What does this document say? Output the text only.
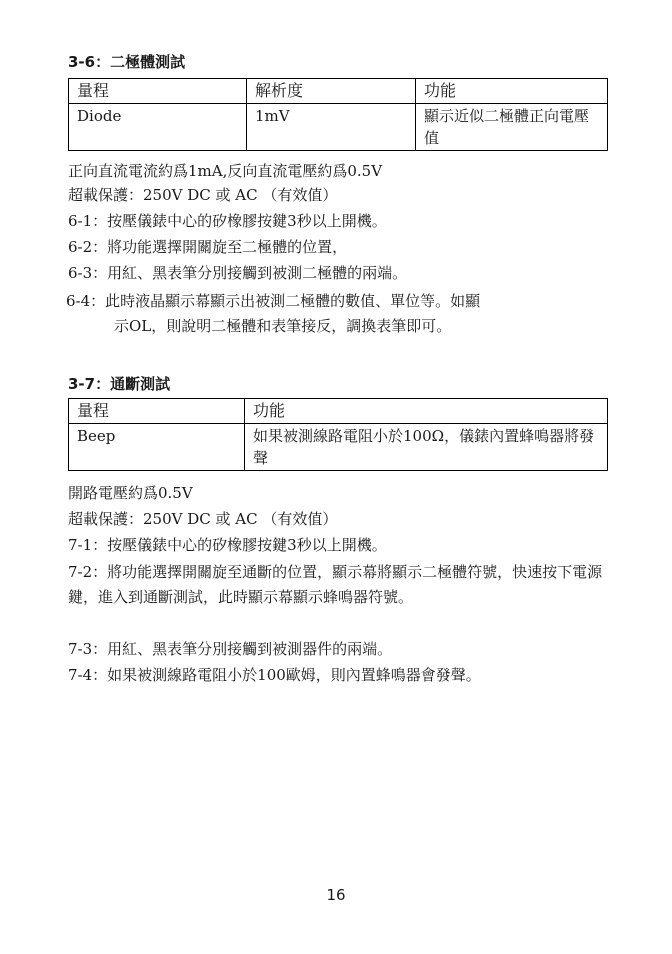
3-6：二極體測試
量程	解析度	功能
Diode	1mV	顯示近似二極體正向電壓值
正向直流電流約爲1mA,反向直流電壓約爲0.5V
超載保護：250V DC 或 AC （有效值）
6-1：按壓儀錶中心的矽橡膠按鍵3秒以上開機。
6-2：將功能選擇開關旋至二極體的位置，
6-3：用紅、黑表筆分別接觸到被測二極體的兩端。
6-4：此時液晶顯示幕顯示出被測二極體的數值、單位等。如顯
示OL，則說明二極體和表筆接反，調換表筆即可。
3-7：通斷測試
量程	功能
Beep	如果被測線路電阻小於100Ω，儀錶內置蜂鳴器將發聲
開路電壓約爲0.5V
超載保護：250V DC 或 AC （有效值）
7-1：按壓儀錶中心的矽橡膠按鍵3秒以上開機。
7-2：將功能選擇開關旋至通斷的位置，顯示幕將顯示二極體符號，快速按下電源鍵，進入到通斷測試，此時顯示幕顯示蜂鳴器符號。
7-3：用紅、黑表筆分別接觸到被測器件的兩端。
7-4：如果被測線路電阻小於100歐姆，則內置蜂鳴器會發聲。
16
